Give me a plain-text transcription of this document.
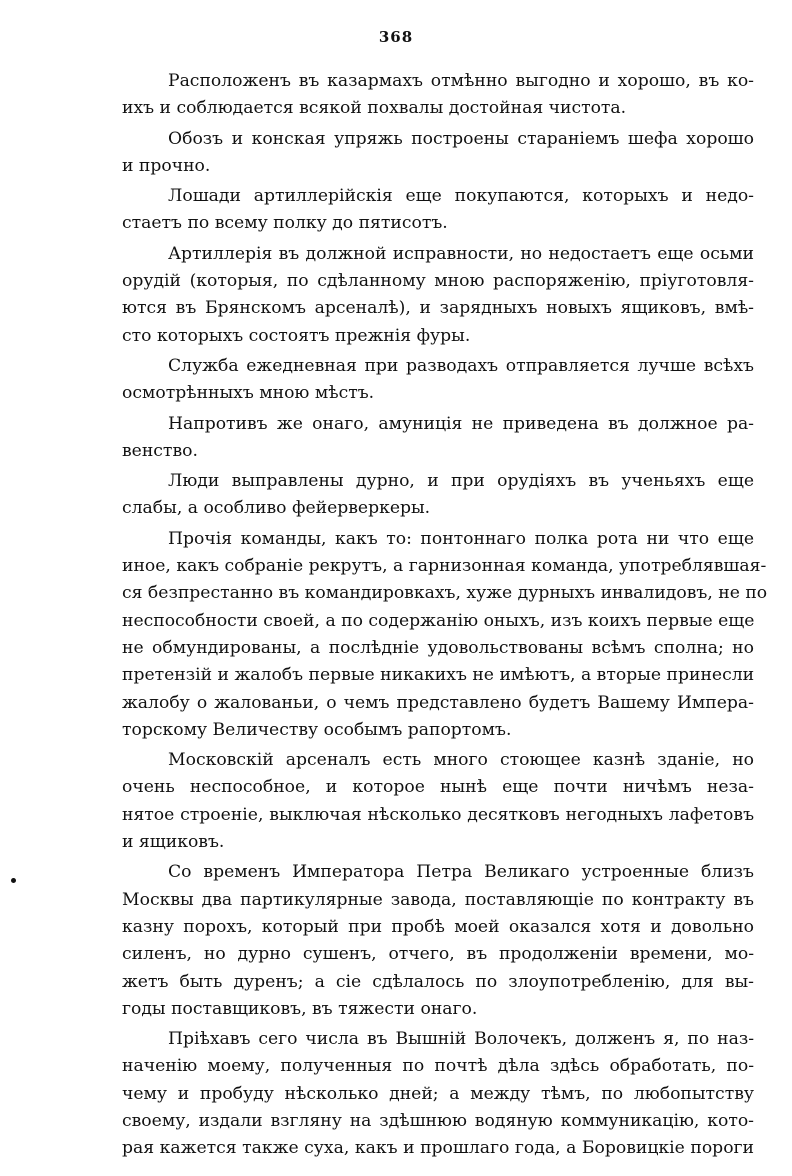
368
Расположенъ въ казармахъ отмѣнно выгодно и хорошо, въ ко-
ихъ и соблюдается всякой похвалы достойная чистота.
Обозъ и конская упряжь построены стараніемъ шефа хорошо
и прочно.
Лошади артиллерійскія еще покупаются, которыхъ и недо-
стаетъ по всему полку до пятисотъ.
Артиллерія въ должной исправности, но недостаетъ еще осьми
орудій (которыя, по сдѣланному мною распоряженію, пріуготовля-
ются въ Брянскомъ арсеналѣ), и зарядныхъ новыхъ ящиковъ, вмѣ-
сто которыхъ состоятъ прежнія фуры.
Служба ежедневная при разводахъ отправляется лучше всѣхъ
осмотрѣнныхъ мною мѣстъ.
Напротивъ же онаго, амуниція не приведена въ должное ра-
венство.
Люди выправлены дурно, и при орудіяхъ въ ученьяхъ еще
слабы, а особливо фейерверкеры.
Прочія команды, какъ то: понтоннаго полка рота ни что еще
иное, какъ собраніе рекрутъ, а гарнизонная команда, употреблявшая-
ся безпрестанно въ командировкахъ, хуже дурныхъ инвалидовъ, не по
неспособности своей, а по содержанію оныхъ, изъ коихъ первые еще
не обмундированы, а послѣдніе удовольствованы всѣмъ сполна; но
претензій и жалобъ первые никакихъ не имѣютъ, а вторые принесли
жалобу о жалованьи, о чемъ представлено будетъ Вашему Импера-
торскому Величеству особымъ рапортомъ.
Московскій арсеналъ есть много стоющее казнѣ зданіе, но
очень неспособное, и которое нынѣ еще почти ничѣмъ неза-
нятое строеніе, выключая нѣсколько десятковъ негодныхъ лафетовъ
и ящиковъ.
Со временъ Императора Петра Великаго устроенные близъ
Москвы два партикулярные завода, поставляющіе по контракту въ
казну порохъ, который при пробѣ моей оказался хотя и довольно
силенъ, но дурно сушенъ, отчего, въ продолженіи времени, мо-
жетъ быть дуренъ; а сіе сдѣлалось по злоупотребленію, для вы-
годы поставщиковъ, въ тяжести онаго.
Пріѣхавъ сего числа въ Вышній Волочекъ, долженъ я, по наз-
наченію моему, полученныя по почтѣ дѣла здѣсь обработать, по-
чему и пробуду нѣсколько дней; а между тѣмъ, по любопытству
своему, издали взгляну на здѣшнюю водяную коммуникацію, кото-
рая кажется также суха, какъ и прошлаго года, а Боровицкіе пороги
